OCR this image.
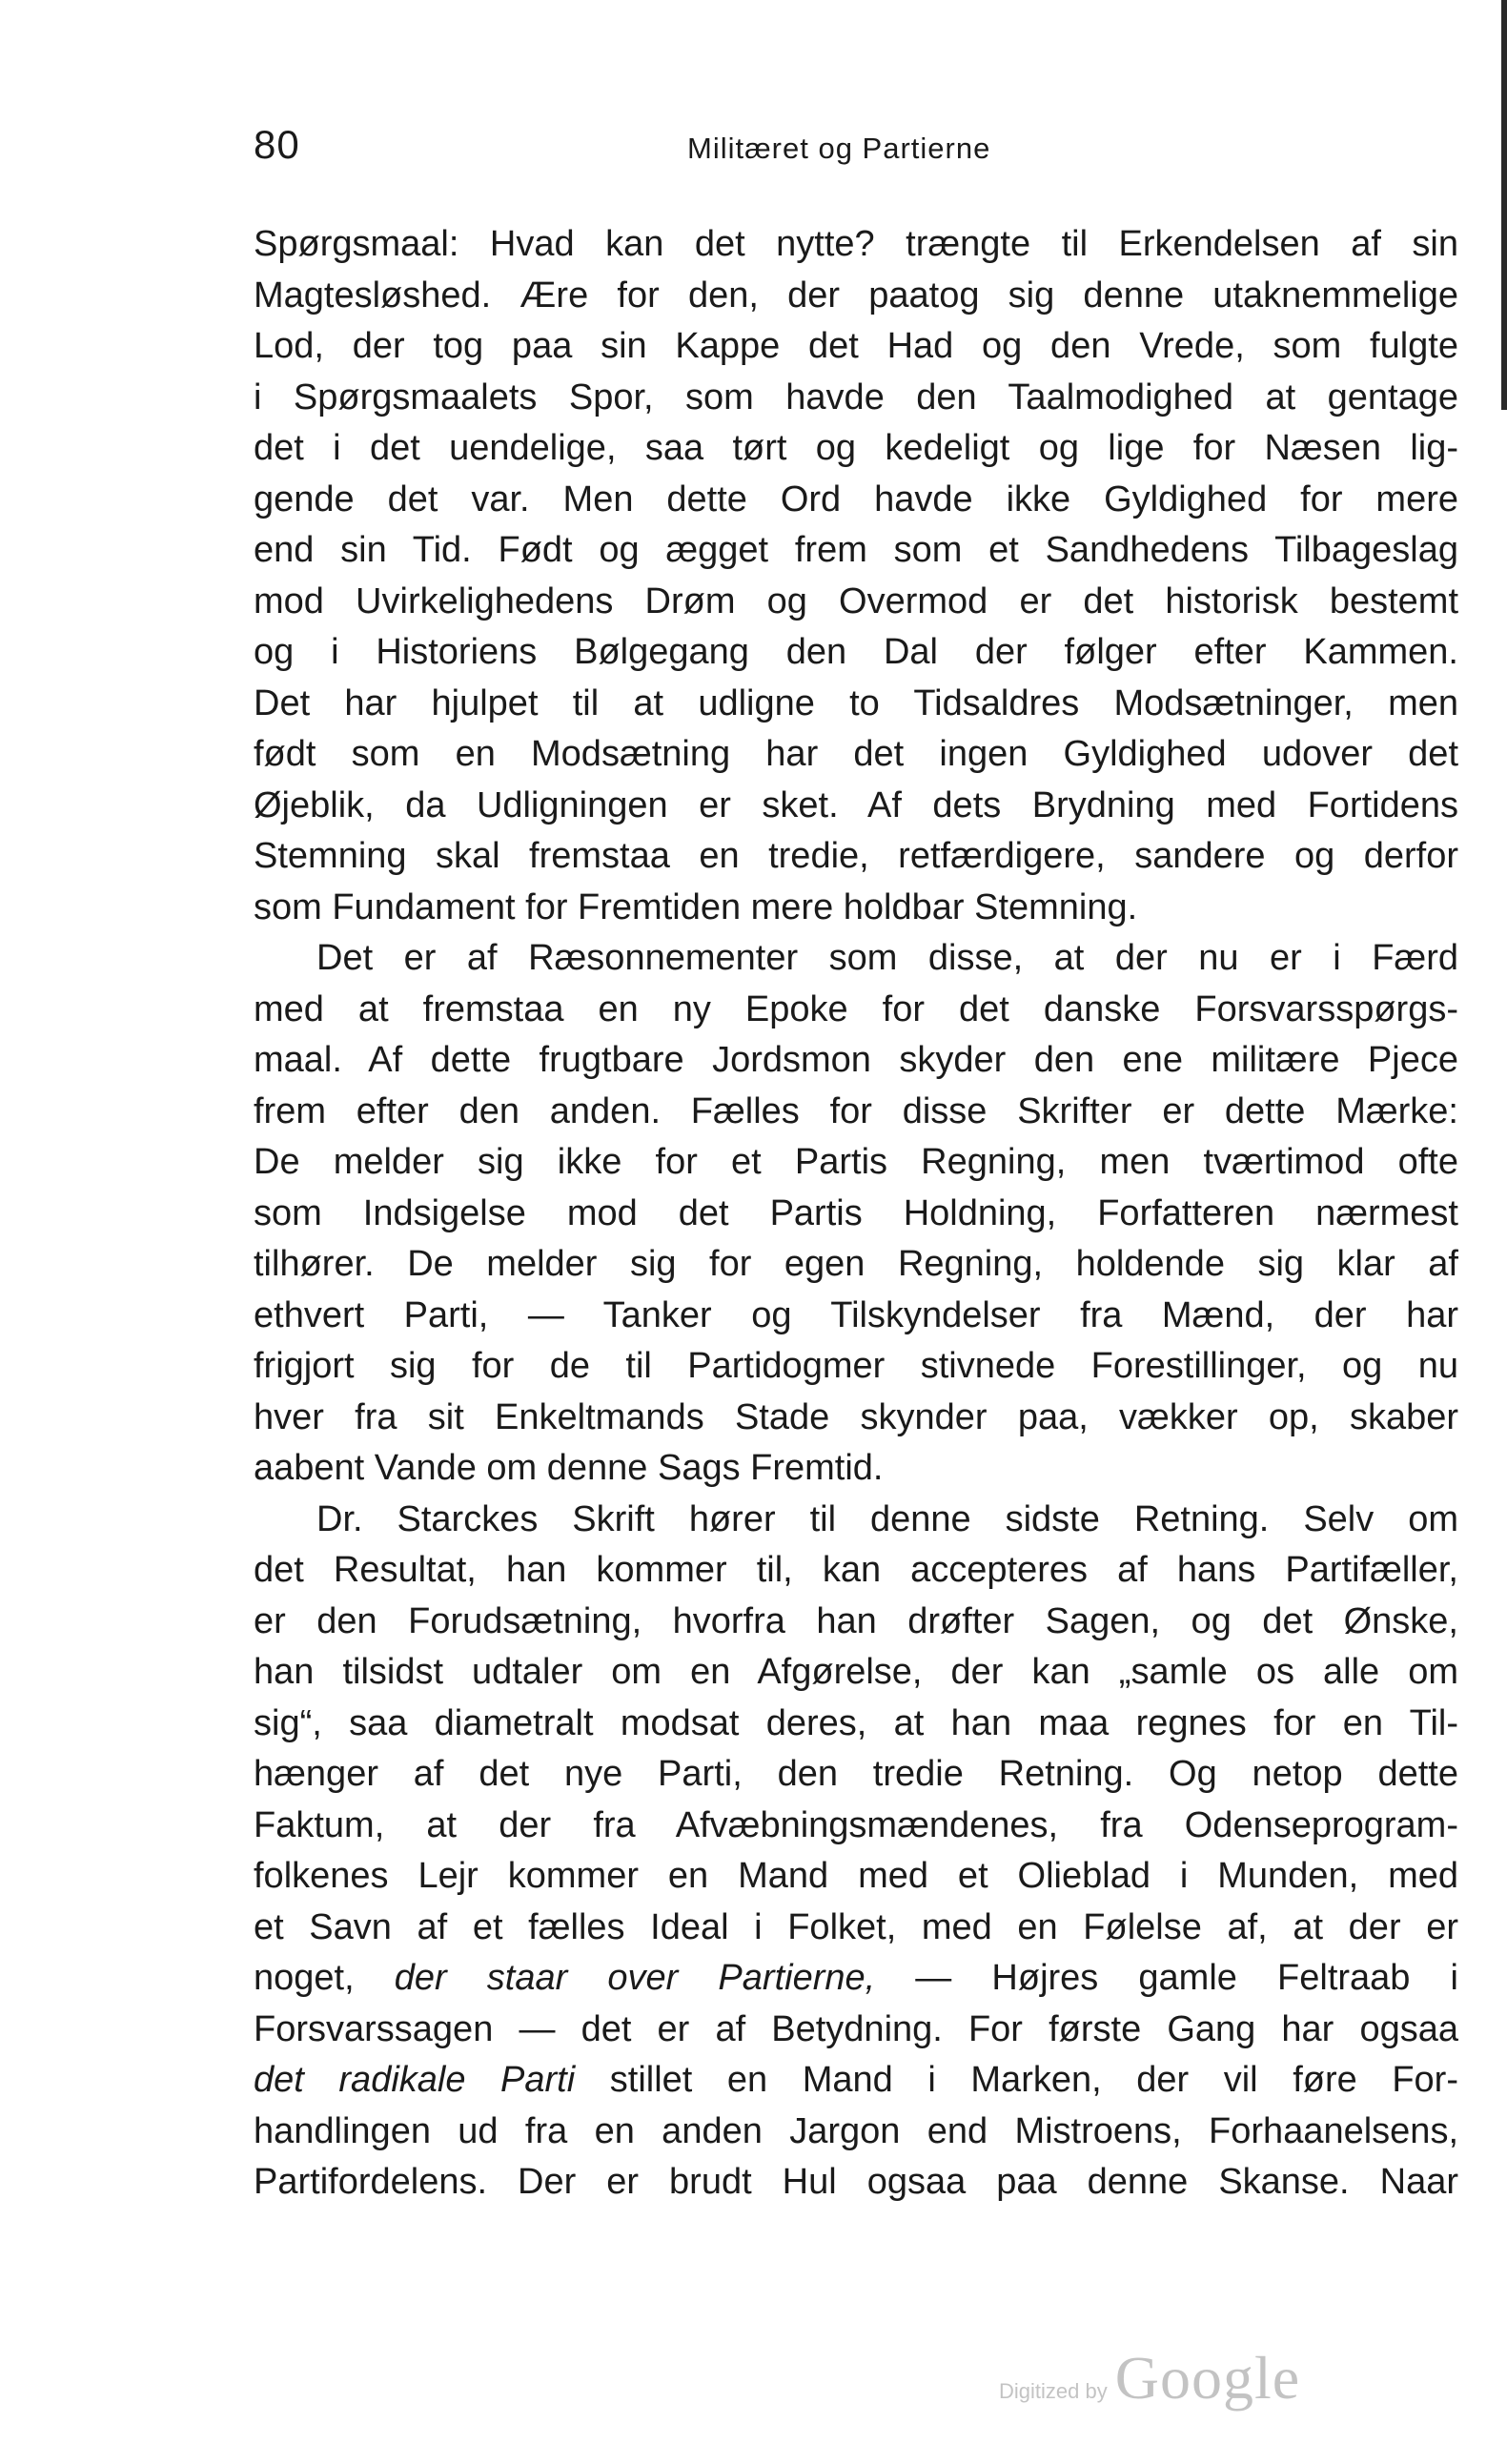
80	Militæret og Partierne
Spørgsmaal: Hvad kan det nytte? trængte til Erkendelsen af sin
Magtesløshed. Ære for den, der paatog sig denne utaknemmelige
Lod, der tog paa sin Kappe det Had og den Vrede, som fulgte
i Spørgsmaalets Spor, som havde den Taalmodighed at gentage
det i det uendelige, saa tørt og kedeligt og lige for Næsen lig-
gende det var. Men dette Ord havde ikke Gyldighed for mere
end sin Tid. Født og ægget frem som et Sandhedens Tilbageslag
mod Uvirkelighedens Drøm og Overmod er det historisk bestemt
og i Historiens Bølgegang den Dal der følger efter Kammen.
Det har hjulpet til at udligne to Tidsaldres Modsætninger, men
født som en Modsætning har det ingen Gyldighed udover det
Øjeblik, da Udligningen er sket. Af dets Brydning med Fortidens
Stemning skal fremstaa en tredie, retfærdigere, sandere og derfor
som Fundament for Fremtiden mere holdbar Stemning.
Det er af Ræsonnementer som disse, at der nu er i Færd
med at fremstaa en ny Epoke for det danske Forsvarsspørgs-
maal. Af dette frugtbare Jordsmon skyder den ene militære Pjece
frem efter den anden. Fælles for disse Skrifter er dette Mærke:
De melder sig ikke for et Partis Regning, men tværtimod ofte
som Indsigelse mod det Partis Holdning, Forfatteren nærmest
tilhører. De melder sig for egen Regning, holdende sig klar af
ethvert Parti, — Tanker og Tilskyndelser fra Mænd, der har
frigjort sig for de til Partidogmer stivnede Forestillinger, og nu
hver fra sit Enkeltmands Stade skynder paa, vækker op, skaber
aabent Vande om denne Sags Fremtid.
Dr. Starckes Skrift hører til denne sidste Retning. Selv om
det Resultat, han kommer til, kan accepteres af hans Partifæller,
er den Forudsætning, hvorfra han drøfter Sagen, og det Ønske,
han tilsidst udtaler om en Afgørelse, der kan „samle os alle om
sig“, saa diametralt modsat deres, at han maa regnes for en Til-
hænger af det nye Parti, den tredie Retning. Og netop dette
Faktum, at der fra Afvæbningsmændenes, fra Odenseprogram-
folkenes Lejr kommer en Mand med et Olieblad i Munden, med
et Savn af et fælles Ideal i Folket, med en Følelse af, at der er
noget, der staar over Partierne, — Højres gamle Feltraab i
Forsvarssagen — det er af Betydning. For første Gang har ogsaa
det radikale Parti stillet en Mand i Marken, der vil føre For-
handlingen ud fra en anden Jargon end Mistroens, Forhaanelsens,
Partifordelens. Der er brudt Hul ogsaa paa denne Skanse. Naar
Digitized by Google
